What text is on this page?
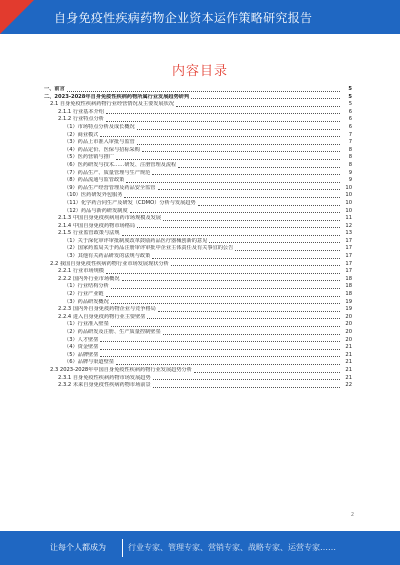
自身免疫性疾病药物企业资本运作策略研究报告
内容目录
一、前言	5
二、2023-2028年自身免疫性疾病药物所属行业发展趋势研判	5
2.1 自身免疫性疾病药物行业经营情况及主要发展状况	5
2.1.1 行业基本介绍	6
2.1.2 行业特点分析	6
（1）市场特点分析及成长概况	6
（2）商业模式	7
（3）药品上市准入审批与监管	7
（4）药品定价、医保与招标采购	8
（5）医药营销与推广	8
（6）医药研发与技术……研发、注册管理及流程	8
（7）药品生产、质量管理与生产规范	9
（8）药品流通与监管政策	9
（9）药品生产经营管理及药品安全监管	10
（10）医药研发外包服务	10
（11）化学药合同生产及研发（CDMO）分析与发展趋势	10
（12）药品与新药研发制度	10
2.1.3 中国自身免疫疾病用药市场规模及发展	11
2.1.4 中国自身免疫药物市场格局	12
2.1.5 行业监管政策与法规	13
（1）关于深化审评审批制度改革鼓励药品医疗器械创新的意见	17
（2）国家药监局关于药品注册审评审批中企业主体责任及有关事宜的公告	17
（3）其他有关药品研发的法规与政策	17
2.2 我国自身免疫性疾病药物行业市场发展现状分析	17
2.2.1 行业市场规模	17
2.2.2 国内外行业市场概况	18
（1）行业结构分析	18
（2）行业产业链	18
（3）药品研发概况	19
2.2.3 国内外自身免疫药物企业与竞争格局	19
2.2.4 进入自身免疫药物行业主要壁垒	20
（1）行业准入壁垒	20
（2）药品研发及注册、生产质量控制壁垒	20
（3）人才壁垒	20
（4）资金壁垒	21
（5）品牌壁垒	21
（6）品牌与渠道壁垒	21
2.3 2023-2028年中国自身免疫性疾病药物行业发展趋势分析	21
2.3.1 自身免疫性疾病药物市场发展趋势	21
2.3.2 未来自身免疫性疾病药物市场前景	22
2
让每个人都成为	行业专家、管理专家、营销专家、战略专家、运营专家……
